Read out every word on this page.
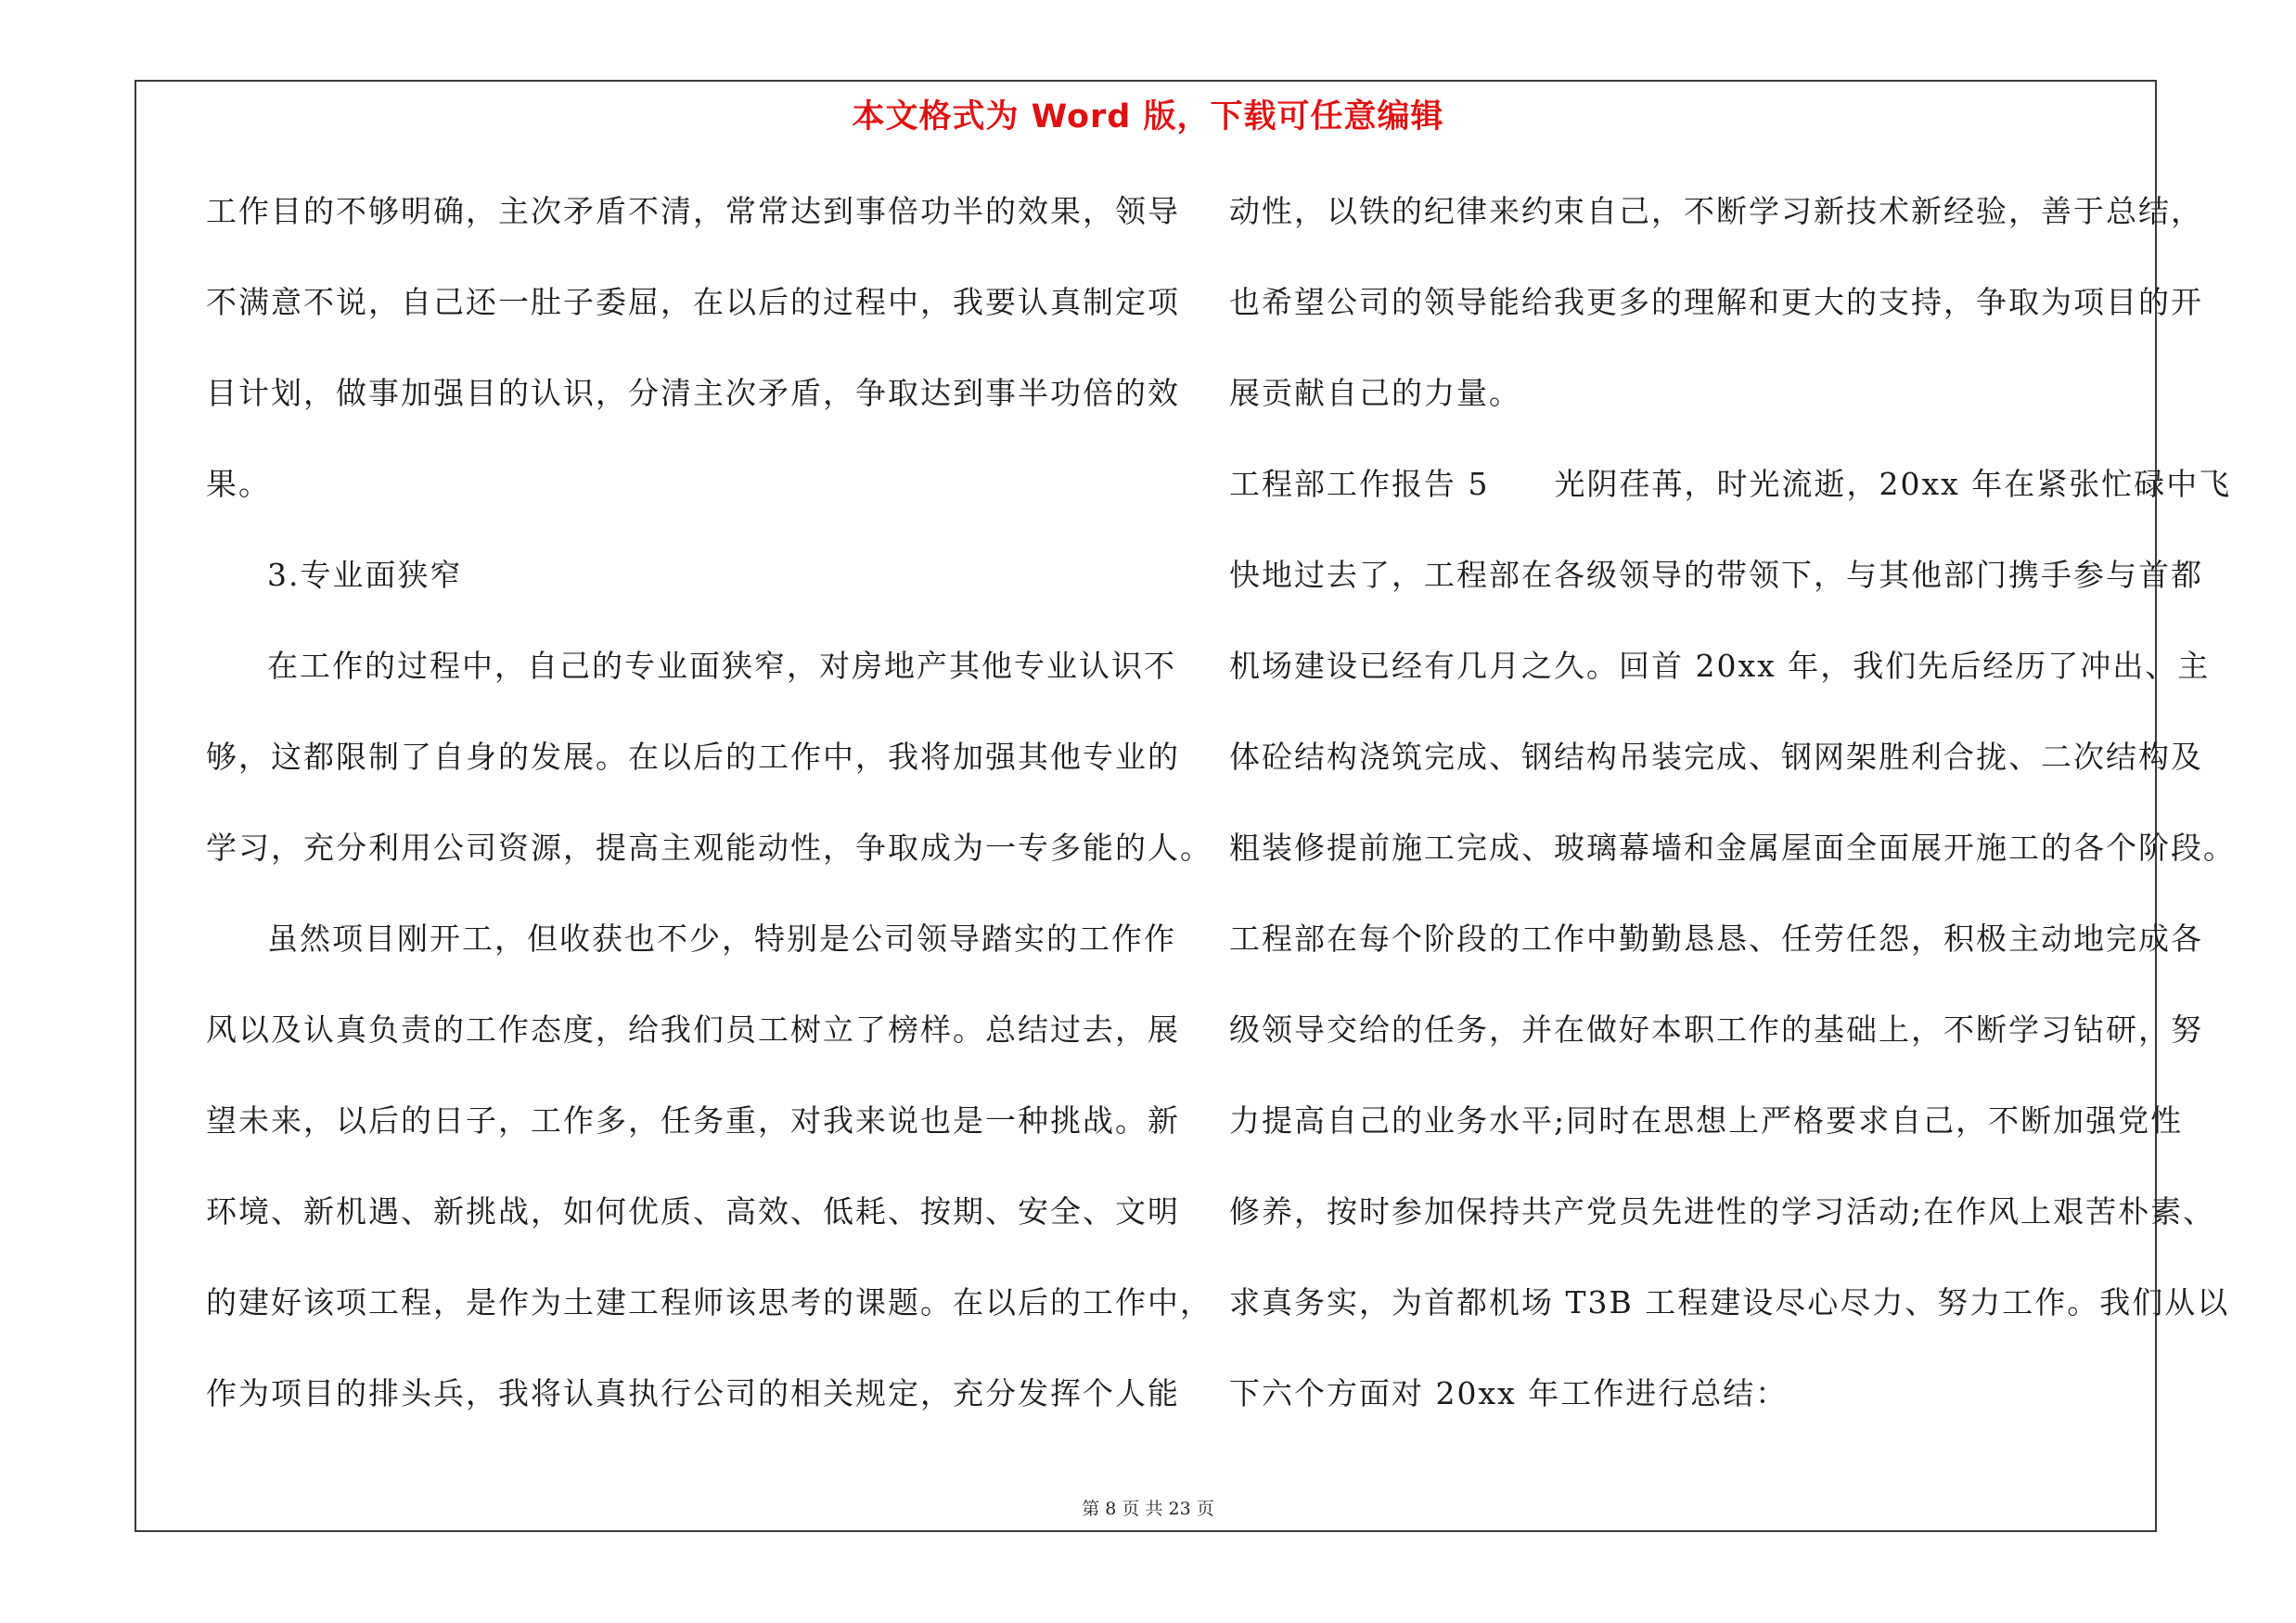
本文格式为 Word 版，下载可任意编辑
工作目的不够明确，主次矛盾不清，常常达到事倍功半的效果，领导
不满意不说，自己还一肚子委屈，在以后的过程中，我要认真制定项
目计划，做事加强目的认识，分清主次矛盾，争取达到事半功倍的效
果。
3.专业面狭窄
在工作的过程中，自己的专业面狭窄，对房地产其他专业认识不
够，这都限制了自身的发展。在以后的工作中，我将加强其他专业的
学习，充分利用公司资源，提高主观能动性，争取成为一专多能的人。
虽然项目刚开工，但收获也不少，特别是公司领导踏实的工作作
风以及认真负责的工作态度，给我们员工树立了榜样。总结过去，展
望未来，以后的日子，工作多，任务重，对我来说也是一种挑战。新
环境、新机遇、新挑战，如何优质、高效、低耗、按期、安全、文明
的建好该项工程，是作为土建工程师该思考的课题。在以后的工作中，
作为项目的排头兵，我将认真执行公司的相关规定，充分发挥个人能
动性，以铁的纪律来约束自己，不断学习新技术新经验，善于总结，
也希望公司的领导能给我更多的理解和更大的支持，争取为项目的开
展贡献自己的力量。
工程部工作报告 5　　光阴荏苒，时光流逝，20xx 年在紧张忙碌中飞
快地过去了，工程部在各级领导的带领下，与其他部门携手参与首都
机场建设已经有几月之久。回首 20xx 年，我们先后经历了冲出、主
体砼结构浇筑完成、钢结构吊装完成、钢网架胜利合拢、二次结构及
粗装修提前施工完成、玻璃幕墙和金属屋面全面展开施工的各个阶段。
工程部在每个阶段的工作中勤勤恳恳、任劳任怨，积极主动地完成各
级领导交给的任务，并在做好本职工作的基础上，不断学习钻研，努
力提高自己的业务水平;同时在思想上严格要求自己，不断加强党性
修养，按时参加保持共产党员先进性的学习活动;在作风上艰苦朴素、
求真务实，为首都机场 T3B 工程建设尽心尽力、努力工作。我们从以
下六个方面对 20xx 年工作进行总结：
第 8 页 共 23 页
